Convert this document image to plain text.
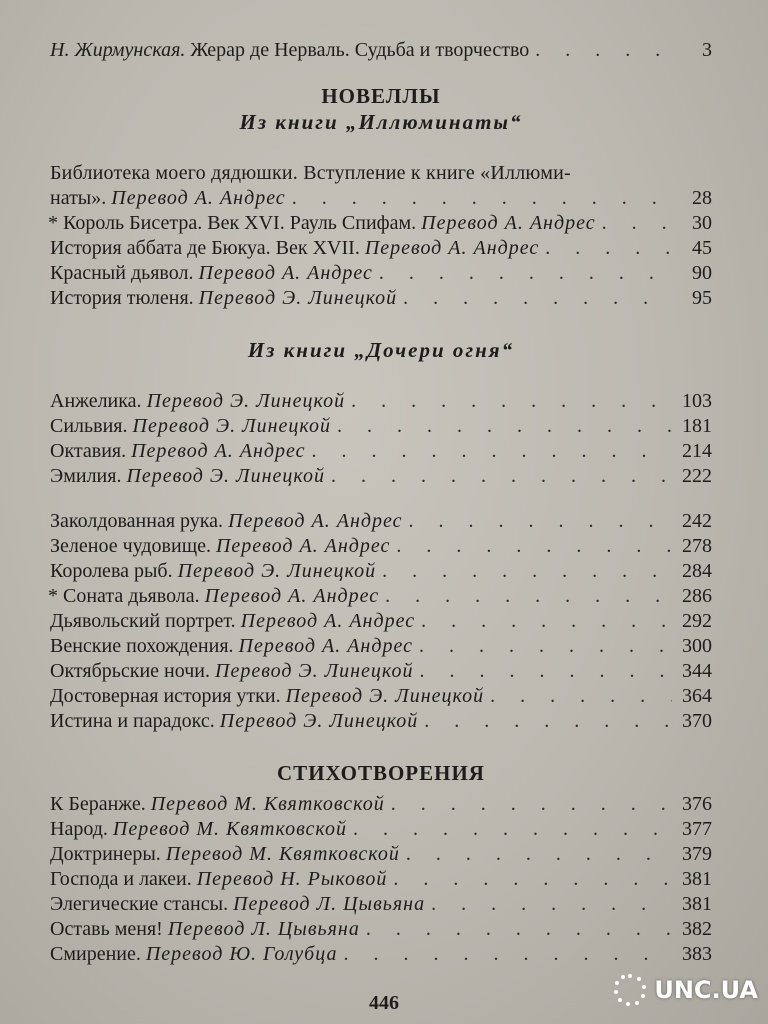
Н. Жирмунская. Жерар де Нерваль. Судьба и творчество . . .	3
НОВЕЛЛЫ
Из книги „Иллюминаты“
Библиотека моего дядюшки. Вступление к книге «Иллюми-
наты». Перевод А. Андрес . . .	28
* Король Бисетра. Век XVI. Рауль Спифам. Перевод А. Андрес . . .	30
История аббата де Бюкуа. Век XVII. Перевод А. Андрес . . .	45
Красный дьявол. Перевод А. Андрес . . .	90
История тюленя. Перевод Э. Линецкой . . .	95
Из книги „Дочери огня“
Анжелика. Перевод Э. Линецкой . . .	103
Сильвия. Перевод Э. Линецкой . . .	181
Октавия. Перевод А. Андрес . . .	214
Эмилия. Перевод Э. Линецкой . . .	222
Заколдованная рука. Перевод А. Андрес . . .	242
Зеленое чудовище. Перевод А. Андрес . . .	278
Королева рыб. Перевод Э. Линецкой . . .	284
* Соната дьявола. Перевод А. Андрес . . .	286
Дьявольский портрет. Перевод А. Андрес . . .	292
Венские похождения. Перевод А. Андрес . . .	300
Октябрьские ночи. Перевод Э. Линецкой . . .	344
Достоверная история утки. Перевод Э. Линецкой . . .	364
Истина и парадокс. Перевод Э. Линецкой . . .	370
СТИХОТВОРЕНИЯ
К Беранже. Перевод М. Квятковской . . .	376
Народ. Перевод М. Квятковской . . .	377
Доктринеры. Перевод М. Квятковской . . .	379
Господа и лакеи. Перевод Н. Рыковой . . .	381
Элегические стансы. Перевод Л. Цывьяна . . .	381
Оставь меня! Перевод Л. Цывьяна . . .	382
Смирение. Перевод Ю. Голубца . . .	383
446	UNC.UA
